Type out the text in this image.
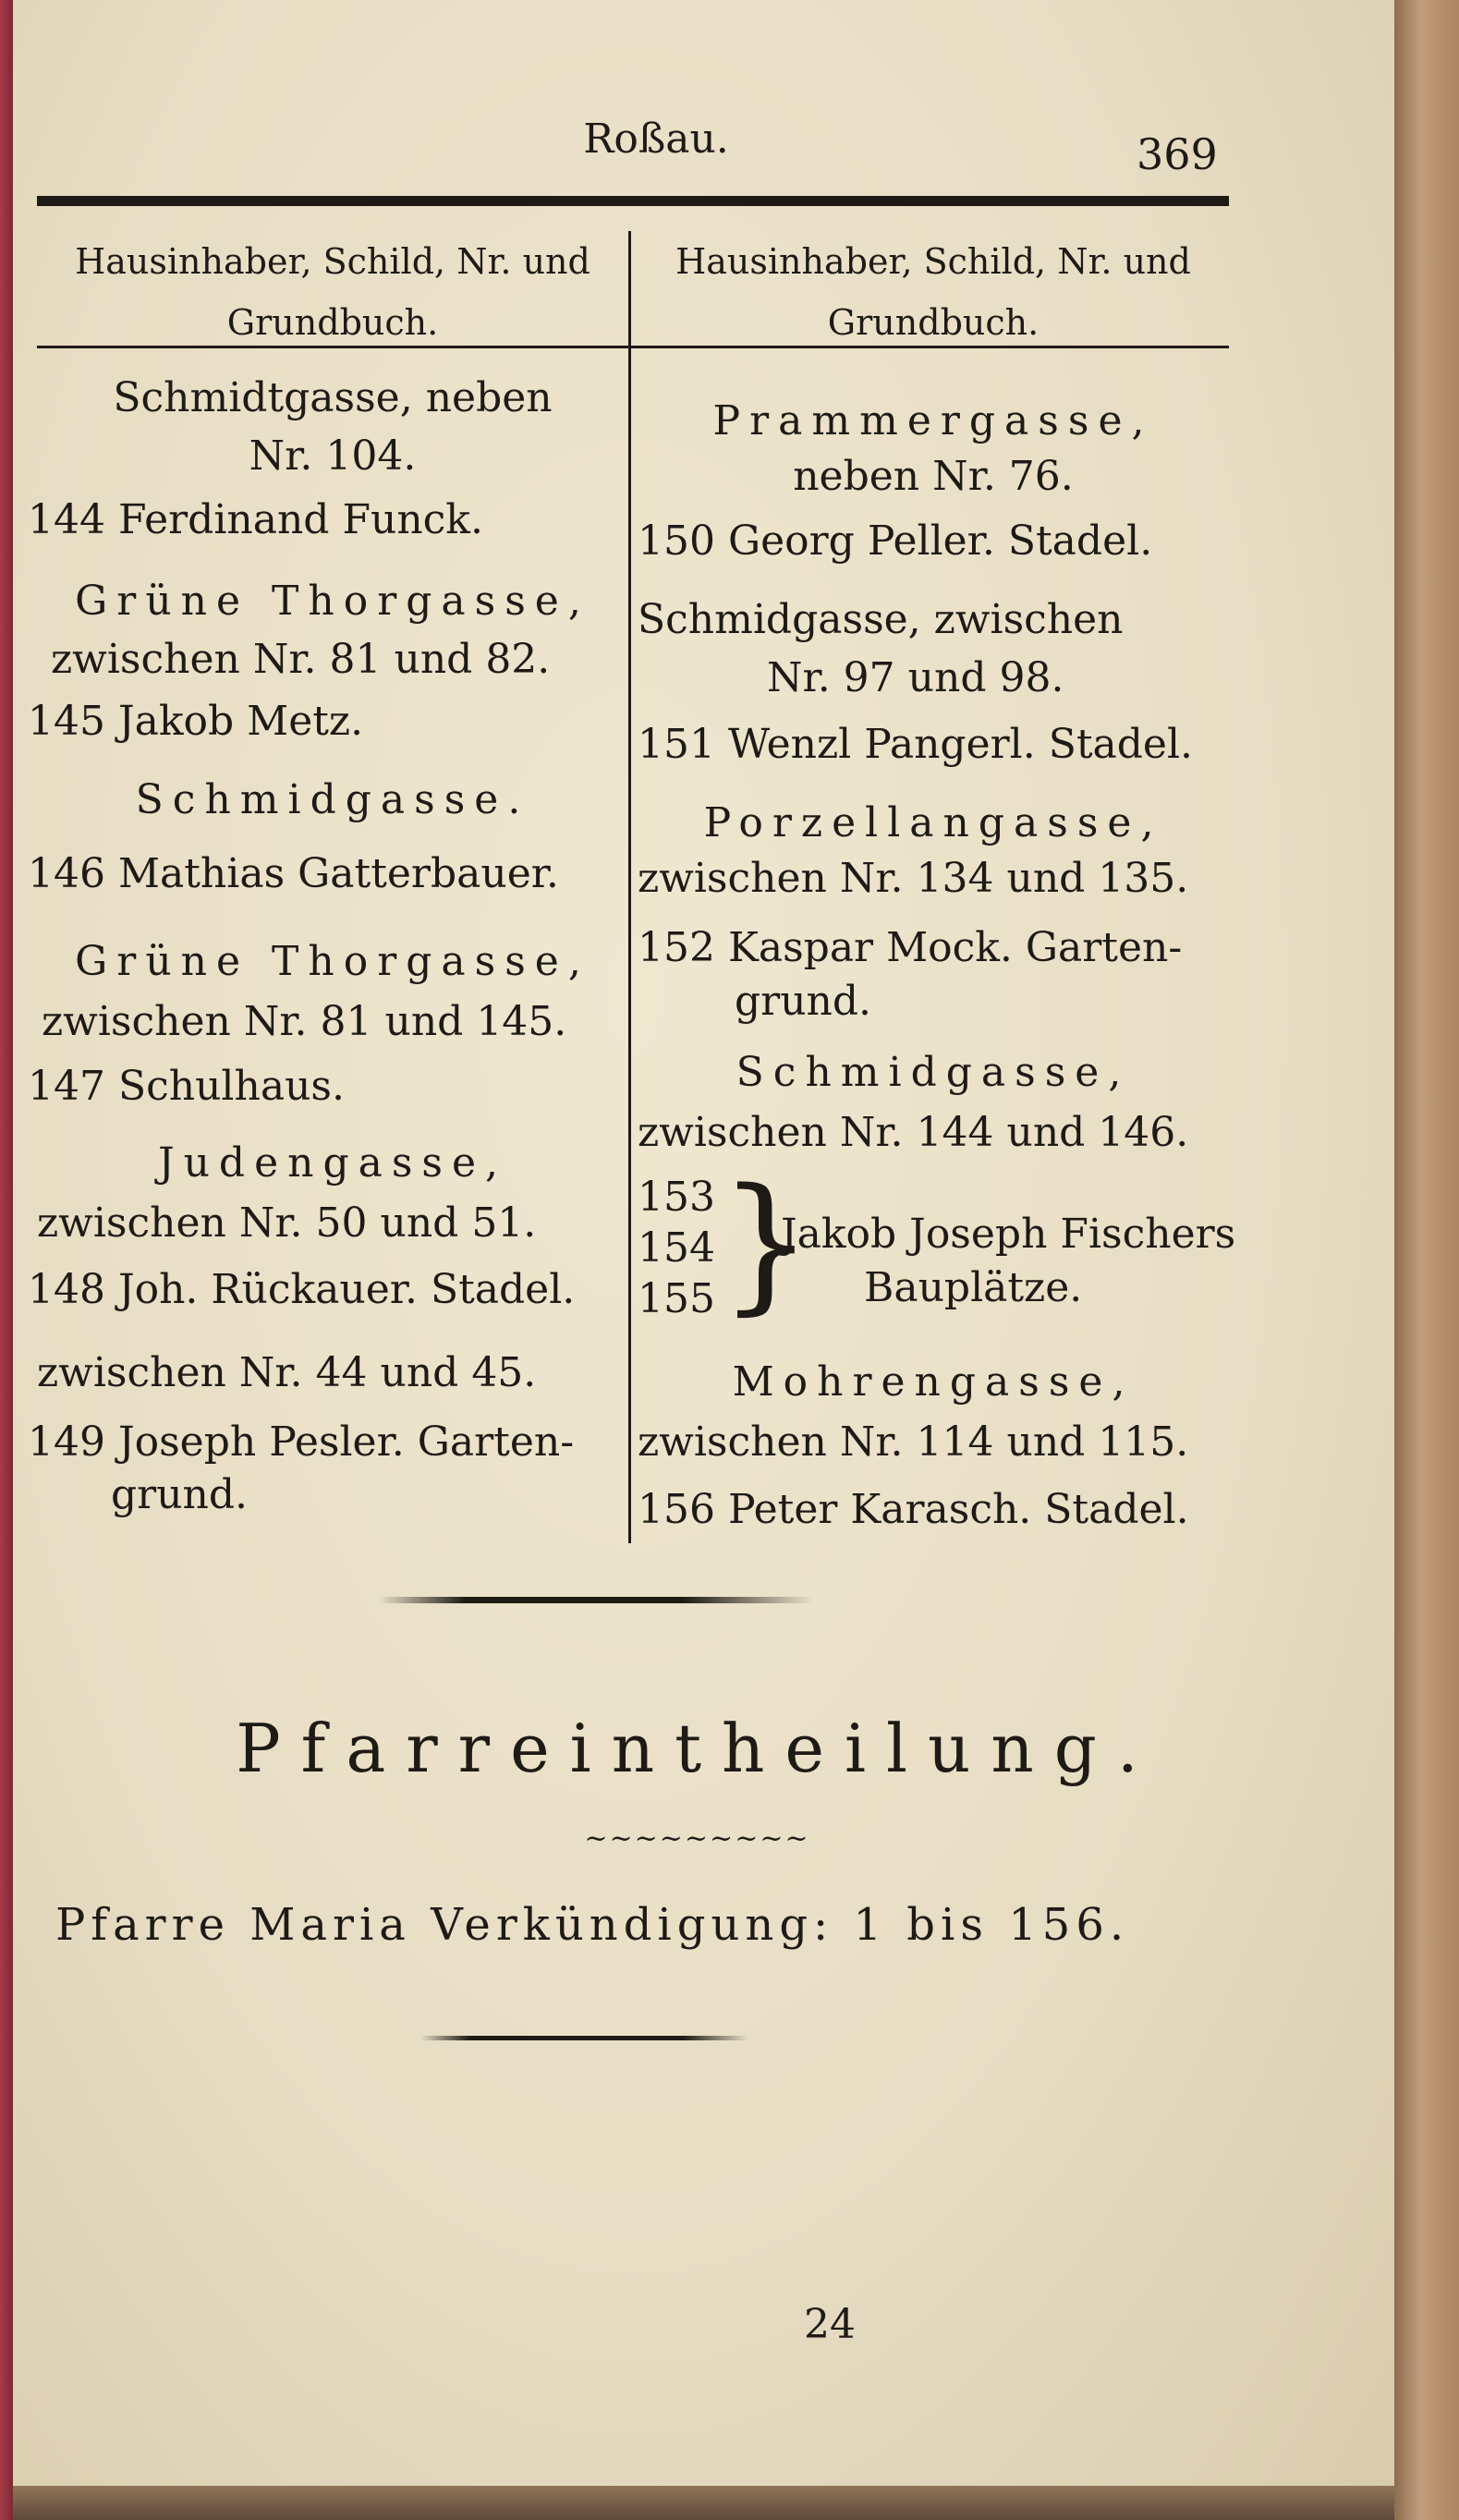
Roßau.	369
Hausinhaber, Schild, Nr. und
Grundbuch.
Hausinhaber, Schild, Nr. und
Grundbuch.
Schmidtgasse, neben
Nr. 104.
144 Ferdinand Funck.
Grüne Thorgasse,
zwischen Nr. 81 und 82.
145 Jakob Metz.
Schmidgasse.
146 Mathias Gatterbauer.
Grüne Thorgasse,
zwischen Nr. 81 und 145.
147 Schulhaus.
Judengasse,
zwischen Nr. 50 und 51.
148 Joh. Rückauer. Stadel.
zwischen Nr. 44 und 45.
149 Joseph Pesler. Garten-
grund.
Prammergasse,
neben Nr. 76.
150 Georg Peller. Stadel.
Schmidgasse, zwischen
Nr. 97 und 98.
151 Wenzl Pangerl. Stadel.
Porzellangasse,
zwischen Nr. 134 und 135.
152 Kaspar Mock. Garten-
grund.
Schmidgasse,
zwischen Nr. 144 und 146.
153
154
155 }
Jakob Joseph Fischers
Bauplätze.
Mohrengasse,
zwischen Nr. 114 und 115.
156 Peter Karasch. Stadel.
Pfarreintheilung.
~~~~~~~~~
Pfarre Maria Verkündigung: 1 bis 156.
24
